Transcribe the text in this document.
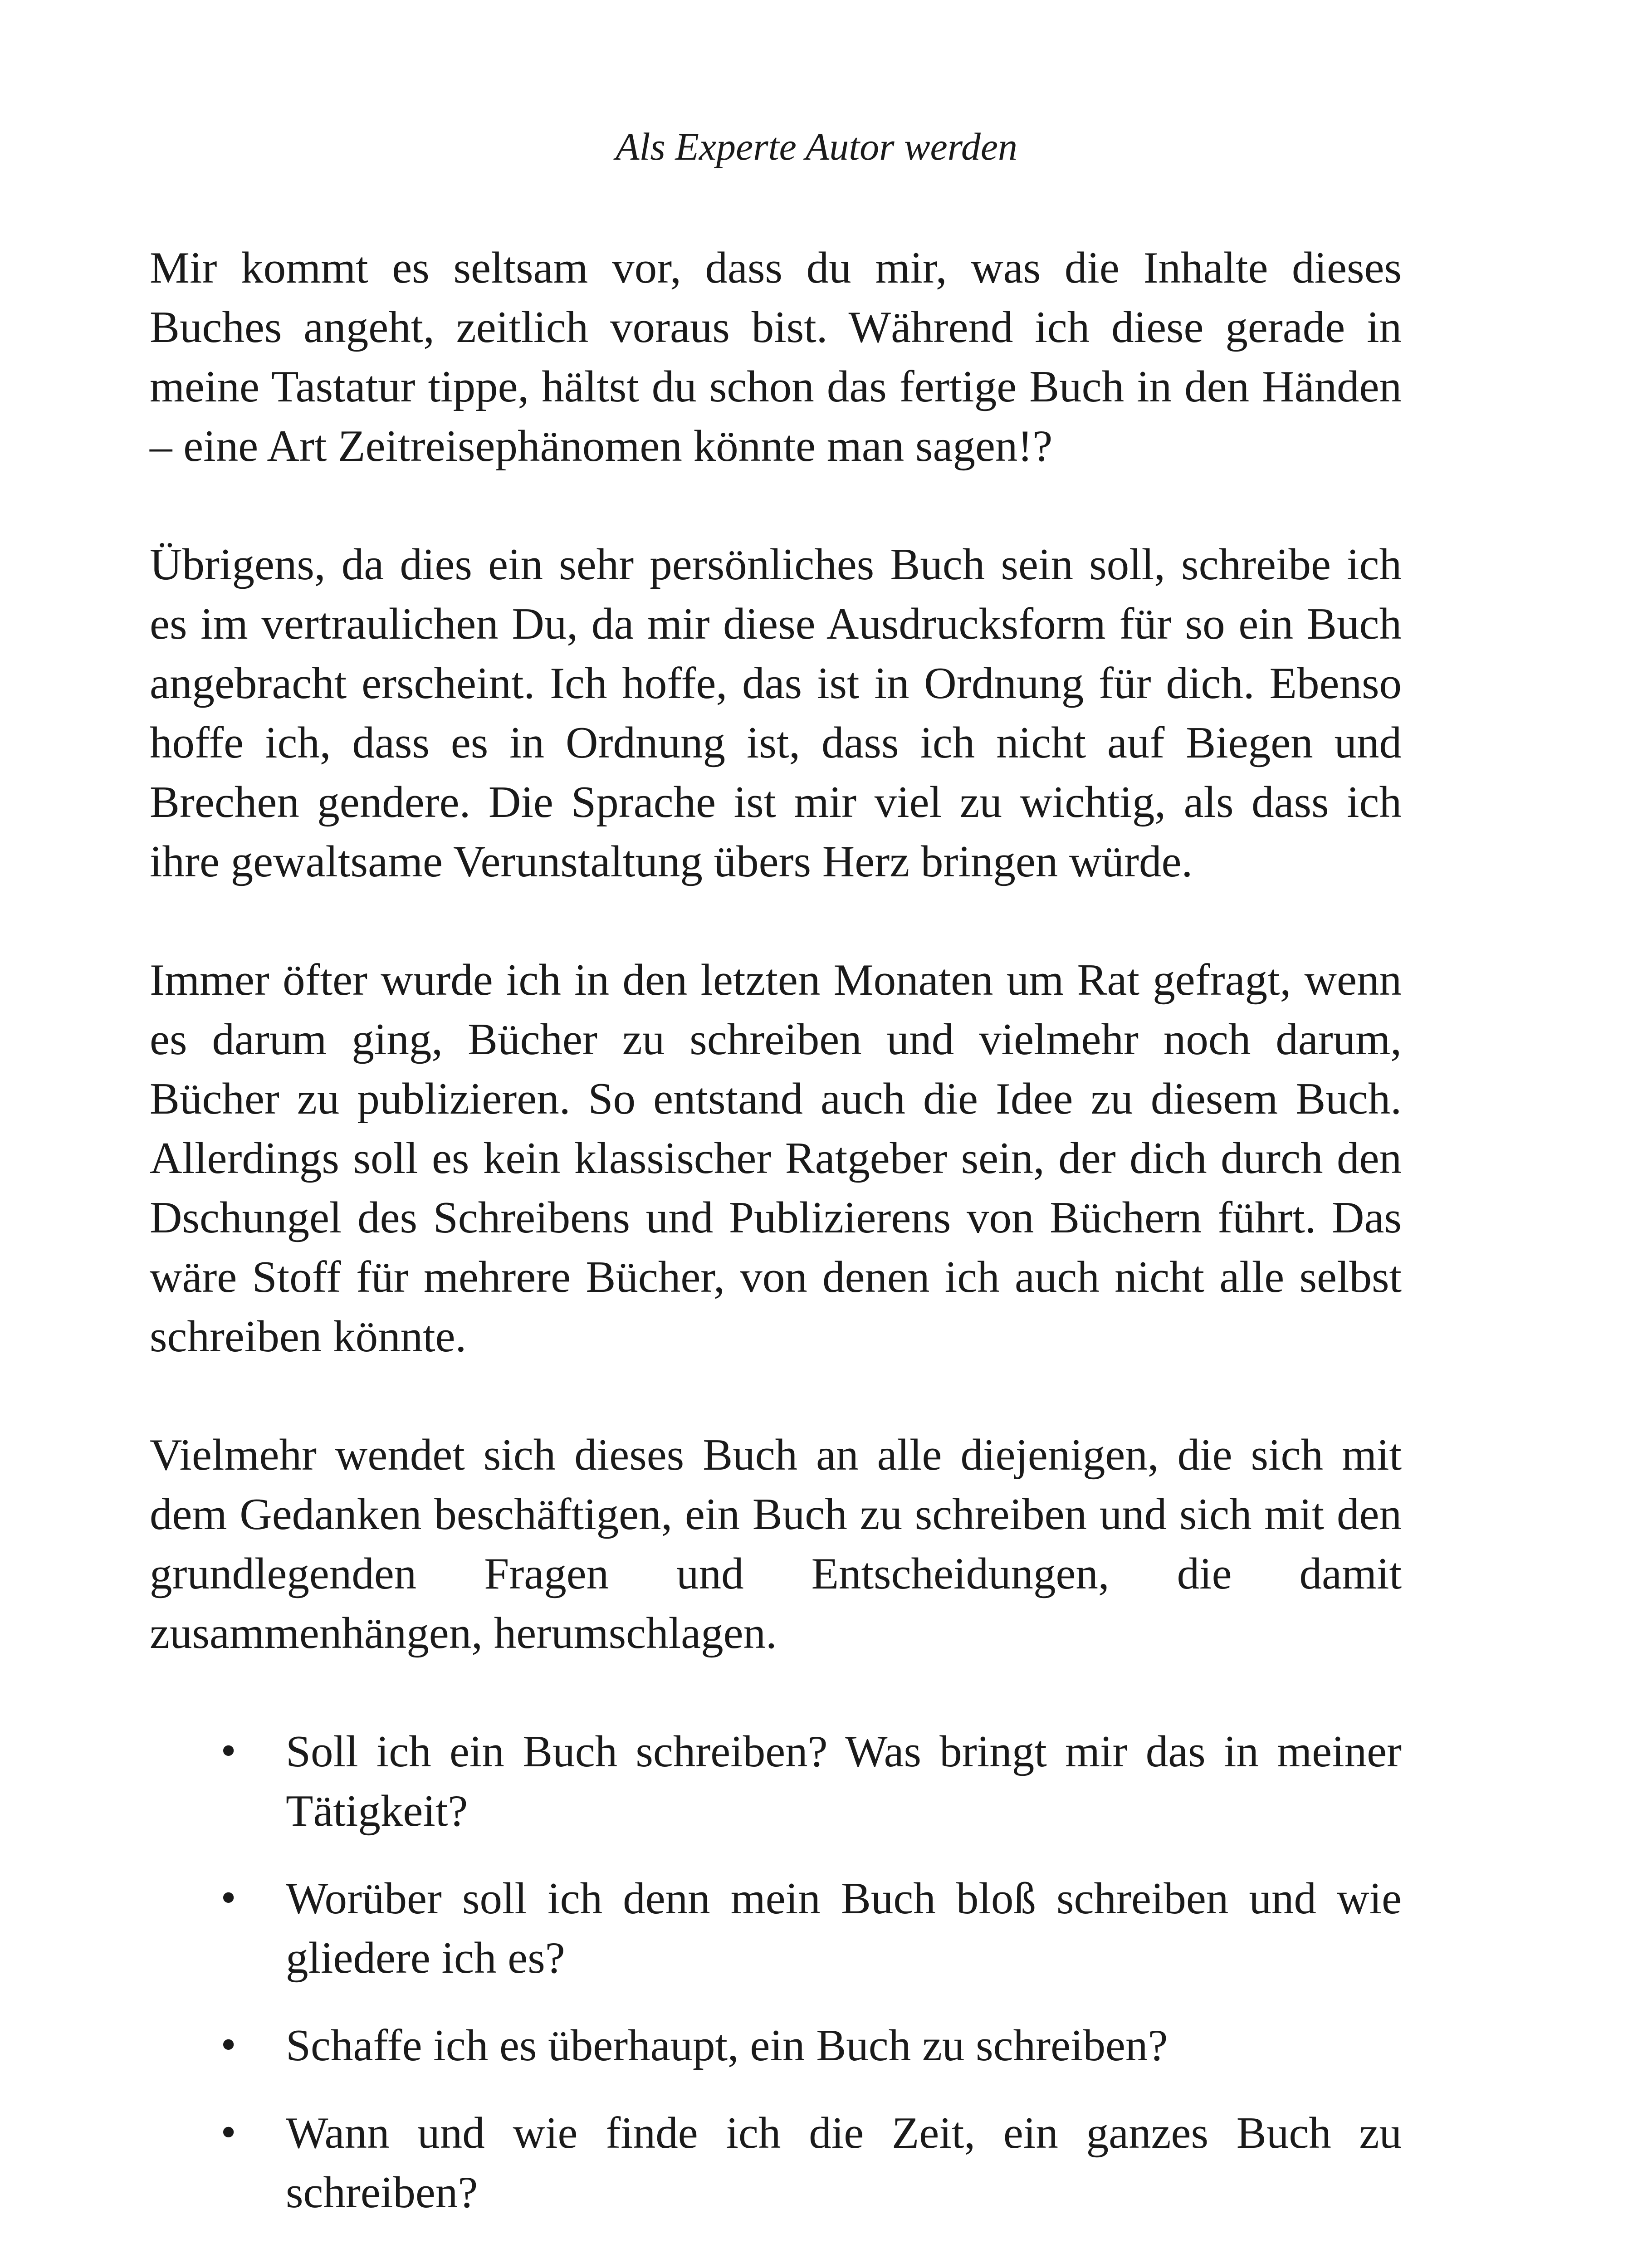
Als Experte Autor werden

Mir kommt es seltsam vor, dass du mir, was die Inhalte dieses Buches angeht, zeitlich voraus bist. Während ich diese gerade in meine Tastatur tippe, hältst du schon das fertige Buch in den Händen – eine Art Zeitreisephänomen könnte man sagen!?

Übrigens, da dies ein sehr persönliches Buch sein soll, schreibe ich es im vertraulichen Du, da mir diese Ausdrucksform für so ein Buch angebracht erscheint. Ich hoffe, das ist in Ordnung für dich. Ebenso hoffe ich, dass es in Ordnung ist, dass ich nicht auf Biegen und Brechen gendere. Die Sprache ist mir viel zu wichtig, als dass ich ihre gewaltsame Verunstaltung übers Herz bringen würde.

Immer öfter wurde ich in den letzten Monaten um Rat gefragt, wenn es darum ging, Bücher zu schreiben und vielmehr noch darum, Bücher zu publizieren. So entstand auch die Idee zu diesem Buch. Allerdings soll es kein klassischer Ratgeber sein, der dich durch den Dschungel des Schreibens und Publizierens von Büchern führt. Das wäre Stoff für mehrere Bücher, von denen ich auch nicht alle selbst schreiben könnte.

Vielmehr wendet sich dieses Buch an alle diejenigen, die sich mit dem Gedanken beschäftigen, ein Buch zu schreiben und sich mit den grundlegenden Fragen und Entscheidungen, die damit zusammenhängen, herumschlagen.

• Soll ich ein Buch schreiben? Was bringt mir das in meiner Tätigkeit?
• Worüber soll ich denn mein Buch bloß schreiben und wie gliedere ich es?
• Schaffe ich es überhaupt, ein Buch zu schreiben?
• Wann und wie finde ich die Zeit, ein ganzes Buch zu schreiben?
